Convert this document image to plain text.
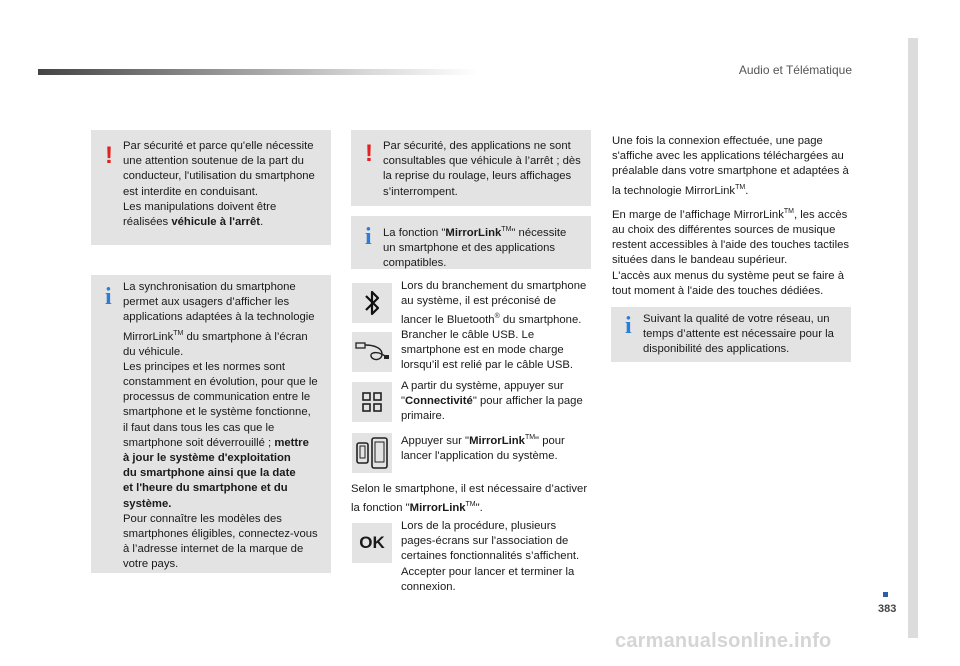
Audio et Télématique
383
! Par sécurité et parce qu'elle nécessite

une attention soutenue de la part du

conducteur, l'utilisation du smartphone

est interdite en conduisant.

Les manipulations doivent être

réalisées véhicule à l'arrêt.

i La synchronisation du smartphone

permet aux usagers d’afficher les

applications adaptées à la technologie

MirrorLink™ du smartphone à l’écran

du véhicule.

Les principes et les normes sont

constamment en évolution, pour que le

processus de communication entre le

smartphone et le système fonctionne,

il faut dans tous les cas que le

smartphone soit déverrouillé ; mettre

à jour le système d'exploitation

du smartphone ainsi que la date

et l'heure du smartphone et du

système.

Pour connaître les modèles des

smartphones éligibles, connectez-vous

à l’adresse internet de la marque de

votre pays.

! Par sécurité, des applications ne sont

consultables que véhicule à l’arrêt ; dès

la reprise du roulage, leurs affichages

s’interrompent.

i La fonction "MirrorLink™" nécessite

un smartphone et des applications

compatibles.

Lors du branchement du smartphone

au système, il est préconisé de

lancer le Bluetooth® du smartphone.

Brancher le câble USB. Le

smartphone est en mode charge

lorsqu’il est relié par le câble USB.

A partir du système, appuyer sur

"Connectivité" pour afficher la page

primaire.

Appuyer sur "MirrorLink™" pour

lancer l'application du système.

Selon le smartphone, il est nécessaire d’activer

la fonction "MirrorLink™".

OK

Lors de la procédure, plusieurs

pages-écrans sur l'association de

certaines fonctionnalités s’affichent.

Accepter pour lancer et terminer la

connexion.

Une fois la connexion effectuée, une page

s'affiche avec les applications téléchargées au

préalable dans votre smartphone et adaptées à

la technologie MirrorLink™.

En marge de l’affichage MirrorLink™, les accès

au choix des différentes sources de musique

restent accessibles à l'aide des touches tactiles

situées dans le bandeau supérieur.

L'accès aux menus du système peut se faire à

tout moment à l'aide des touches dédiées.

i Suivant la qualité de votre réseau, un

temps d’attente est nécessaire pour la

disponibilité des applications.

carmanualsonline.info
